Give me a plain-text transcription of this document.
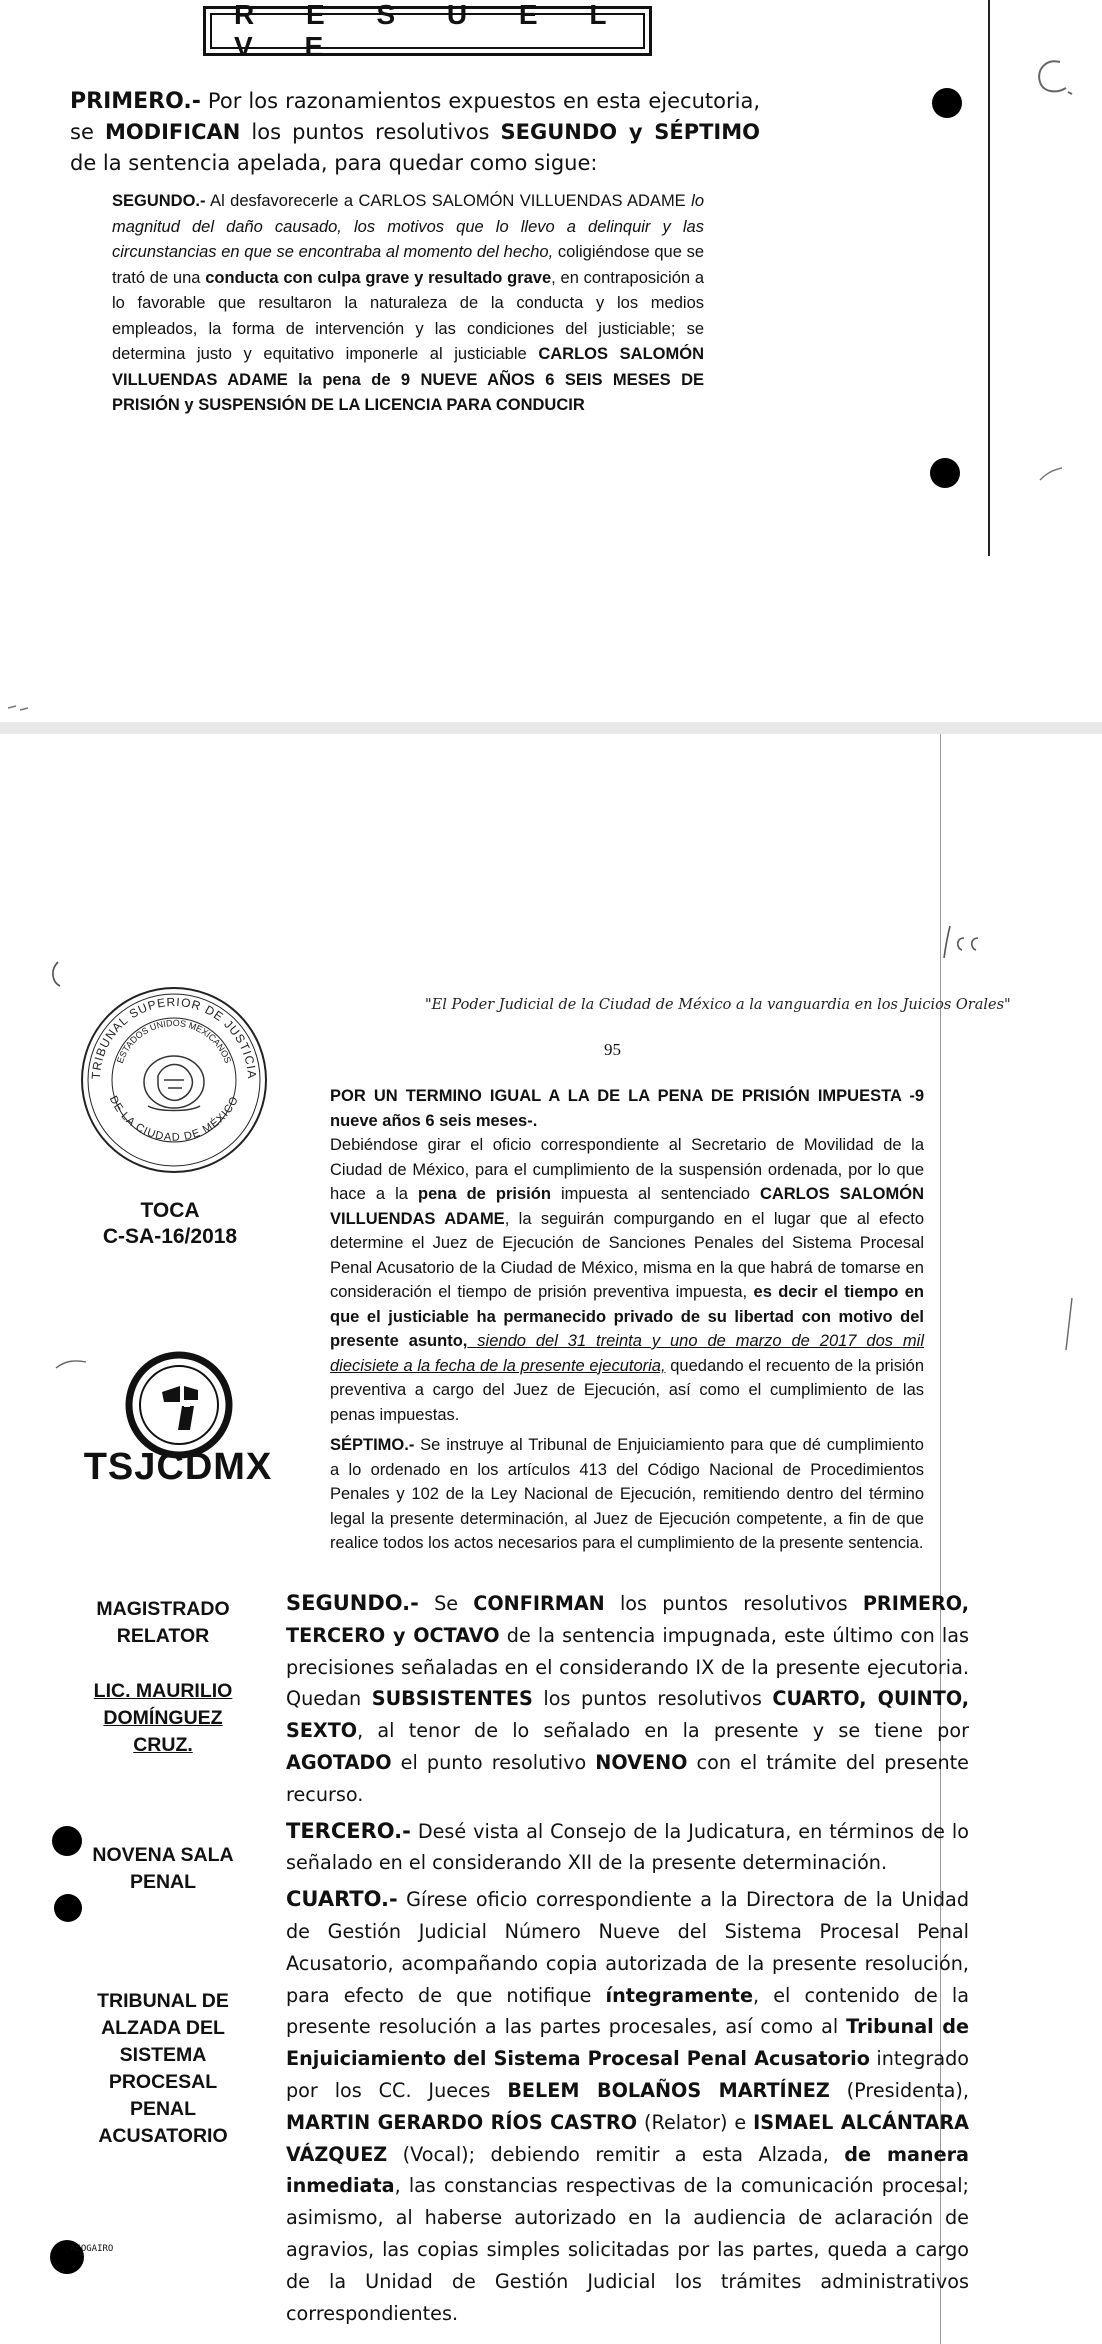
R E S U E L V E
PRIMERO.- Por los razonamientos expuestos en esta ejecutoria, se MODIFICAN los puntos resolutivos SEGUNDO y SÉPTIMO de la sentencia apelada, para quedar como sigue:
SEGUNDO.- Al desfavorecerle a CARLOS SALOMÓN VILLUENDAS ADAME lo magnitud del daño causado, los motivos que lo llevo a delinquir y las circunstancias en que se encontraba al momento del hecho, coligiéndose que se trató de una conducta con culpa grave y resultado grave, en contraposición a lo favorable que resultaron la naturaleza de la conducta y los medios empleados, la forma de intervención y las condiciones del justiciable; se determina justo y equitativo imponerle al justiciable CARLOS SALOMÓN VILLUENDAS ADAME la pena de 9 NUEVE AÑOS 6 SEIS MESES DE PRISIÓN y SUSPENSIÓN DE LA LICENCIA PARA CONDUCIR
"El Poder Judicial de la Ciudad de México a la vanguardia en los Juicios Orales"
95
TRIBUNAL SUPERIOR DE JUSTICIA
ESTADOS UNIDOS MEXICANOS
DE LA CIUDAD DE MÉXICO
TOCA
C-SA-16/2018
TSJCDMX
MAGISTRADO
RELATOR
LIC. MAURILIO
DOMÍNGUEZ
CRUZ.
NOVENA SALA
PENAL
TRIBUNAL DE
ALZADA DEL
SISTEMA
PROCESAL
PENAL
ACUSATORIO
ACOGAIRO

POR UN TERMINO IGUAL A LA DE LA PENA DE PRISIÓN IMPUESTA -9 nueve años 6 seis meses-.

Debiéndose girar el oficio correspondiente al Secretario de Movilidad de la Ciudad de México, para el cumplimiento de la suspensión ordenada, por lo que hace a la pena de prisión impuesta al sentenciado CARLOS SALOMÓN VILLUENDAS ADAME, la seguirán compurgando en el lugar que al efecto determine el Juez de Ejecución de Sanciones Penales del Sistema Procesal Penal Acusatorio de la Ciudad de México, misma en la que habrá de tomarse en consideración el tiempo de prisión preventiva impuesta, es decir el tiempo en que el justiciable ha permanecido privado de su libertad con motivo del presente asunto, siendo del 31 treinta y uno de marzo de 2017 dos mil diecisiete a la fecha de la presente ejecutoria, quedando el recuento de la prisión preventiva a cargo del Juez de Ejecución, así como el cumplimiento de las penas impuestas.

SÉPTIMO.- Se instruye al Tribunal de Enjuiciamiento para que dé cumplimiento a lo ordenado en los artículos 413 del Código Nacional de Procedimientos Penales y 102 de la Ley Nacional de Ejecución, remitiendo dentro del término legal la presente determinación, al Juez de Ejecución competente, a fin de que realice todos los actos necesarios para el cumplimiento de la presente sentencia.

SEGUNDO.- Se CONFIRMAN los puntos resolutivos PRIMERO, TERCERO y OCTAVO de la sentencia impugnada, este último con las precisiones señaladas en el considerando IX de la presente ejecutoria. Quedan SUBSISTENTES los puntos resolutivos CUARTO, QUINTO, SEXTO, al tenor de lo señalado en la presente y se tiene por AGOTADO el punto resolutivo NOVENO con el trámite del presente recurso.

TERCERO.- Desé vista al Consejo de la Judicatura, en términos de lo señalado en el considerando XII de la presente determinación.

CUARTO.- Gírese oficio correspondiente a la Directora de la Unidad de Gestión Judicial Número Nueve del Sistema Procesal Penal Acusatorio, acompañando copia autorizada de la presente resolución, para efecto de que notifique íntegramente, el contenido de la presente resolución a las partes procesales, así como al Tribunal de Enjuiciamiento del Sistema Procesal Penal Acusatorio integrado por los CC. Jueces BELEM BOLAÑOS MARTÍNEZ (Presidenta), MARTIN GERARDO RÍOS CASTRO (Relator) e ISMAEL ALCÁNTARA VÁZQUEZ (Vocal); debiendo remitir a esta Alzada, de manera inmediata, las constancias respectivas de la comunicación procesal; asimismo, al haberse autorizado en la audiencia de aclaración de agravios, las copias simples solicitadas por las partes, queda a cargo de la Unidad de Gestión Judicial los trámites administrativos correspondientes.
